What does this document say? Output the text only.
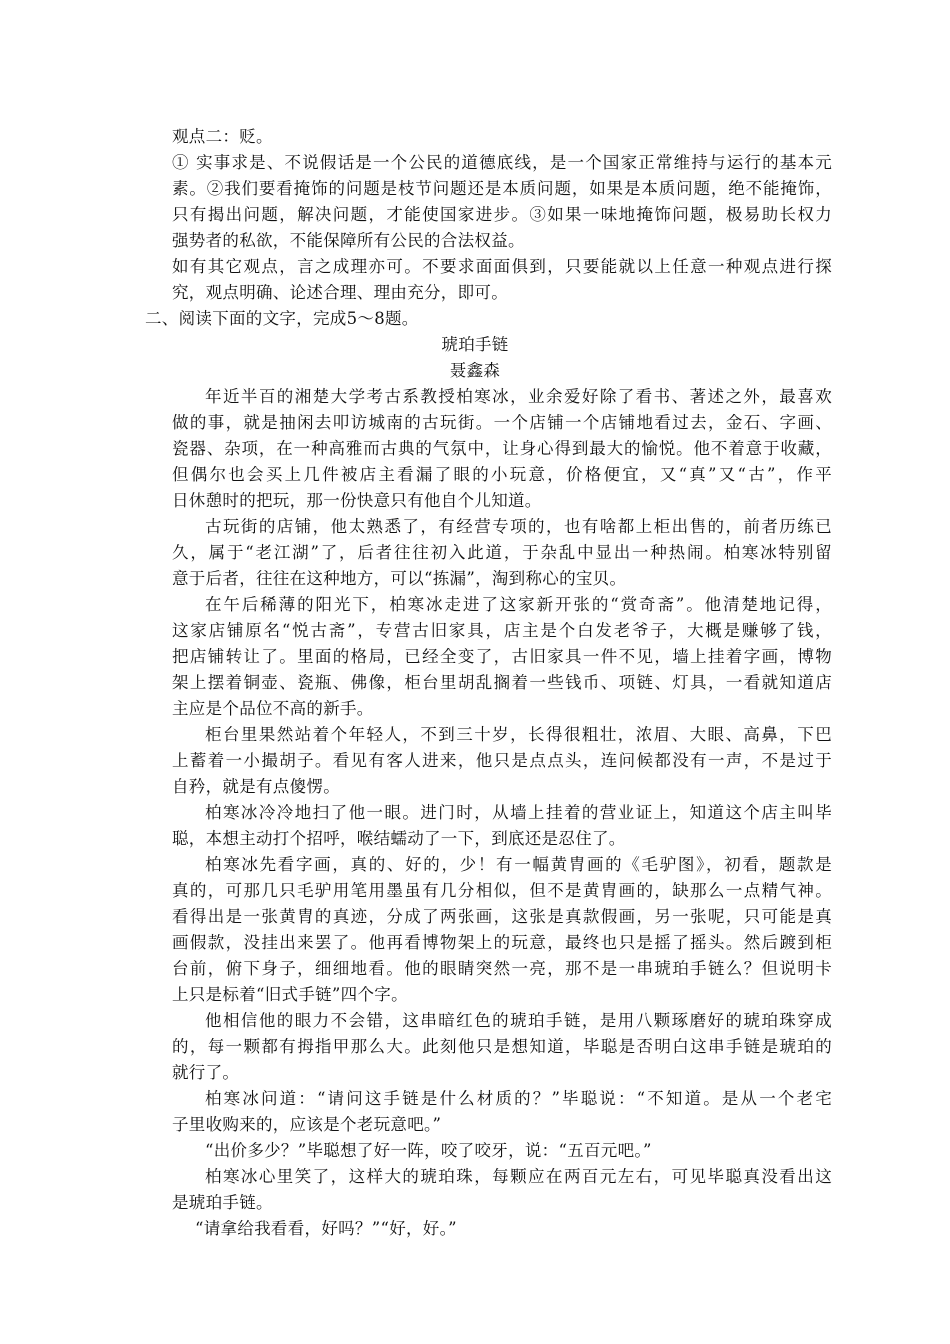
观点二：贬。
① 实事求是、不说假话是一个公民的道德底线，是一个国家正常维持与运行的基本元
素。②我们要看掩饰的问题是枝节问题还是本质问题，如果是本质问题，绝不能掩饰，
只有揭出问题，解决问题，才能使国家进步。③如果一味地掩饰问题，极易助长权力
强势者的私欲，不能保障所有公民的合法权益。
如有其它观点，言之成理亦可。不要求面面俱到，只要能就以上任意一种观点进行探
究，观点明确、论述合理、理由充分，即可。
二、阅读下面的文字，完成5～8题。
琥珀手链
聂鑫森
年近半百的湘楚大学考古系教授柏寒冰，业余爱好除了看书、著述之外，最喜欢
做的事，就是抽闲去叩访城南的古玩街。一个店铺一个店铺地看过去，金石、字画、
瓷器、杂项，在一种高雅而古典的气氛中，让身心得到最大的愉悦。他不着意于收藏，
但偶尔也会买上几件被店主看漏了眼的小玩意，价格便宜，又“真”又“古”，作平
日休憩时的把玩，那一份快意只有他自个儿知道。
古玩街的店铺，他太熟悉了，有经营专项的，也有啥都上柜出售的，前者历练已
久，属于“老江湖”了，后者往往初入此道，于杂乱中显出一种热闹。柏寒冰特别留
意于后者，往往在这种地方，可以“拣漏”，淘到称心的宝贝。
在午后稀薄的阳光下，柏寒冰走进了这家新开张的“赏奇斋”。他清楚地记得，
这家店铺原名“悦古斋”，专营古旧家具，店主是个白发老爷子，大概是赚够了钱，
把店铺转让了。里面的格局，已经全变了，古旧家具一件不见，墙上挂着字画，博物
架上摆着铜壶、瓷瓶、佛像，柜台里胡乱搁着一些钱币、项链、灯具，一看就知道店
主应是个品位不高的新手。
柜台里果然站着个年轻人，不到三十岁，长得很粗壮，浓眉、大眼、高鼻，下巴
上蓄着一小撮胡子。看见有客人进来，他只是点点头，连问候都没有一声，不是过于
自矜，就是有点傻愣。
柏寒冰冷冷地扫了他一眼。进门时，从墙上挂着的营业证上，知道这个店主叫毕
聪，本想主动打个招呼，喉结蠕动了一下，到底还是忍住了。
柏寒冰先看字画，真的、好的，少！有一幅黄胄画的《毛驴图》，初看，题款是
真的，可那几只毛驴用笔用墨虽有几分相似，但不是黄胄画的，缺那么一点精气神。
看得出是一张黄胄的真迹，分成了两张画，这张是真款假画，另一张呢，只可能是真
画假款，没挂出来罢了。他再看博物架上的玩意，最终也只是摇了摇头。然后踱到柜
台前，俯下身子，细细地看。他的眼睛突然一亮，那不是一串琥珀手链么？但说明卡
上只是标着“旧式手链”四个字。
他相信他的眼力不会错，这串暗红色的琥珀手链，是用八颗琢磨好的琥珀珠穿成
的，每一颗都有拇指甲那么大。此刻他只是想知道，毕聪是否明白这串手链是琥珀的
就行了。
柏寒冰问道：“请问这手链是什么材质的？”毕聪说：“不知道。是从一个老宅
子里收购来的，应该是个老玩意吧。”
“出价多少？”毕聪想了好一阵，咬了咬牙，说：“五百元吧。”
柏寒冰心里笑了，这样大的琥珀珠，每颗应在两百元左右，可见毕聪真没看出这
是琥珀手链。
“请拿给我看看，好吗？”“好，好。”
